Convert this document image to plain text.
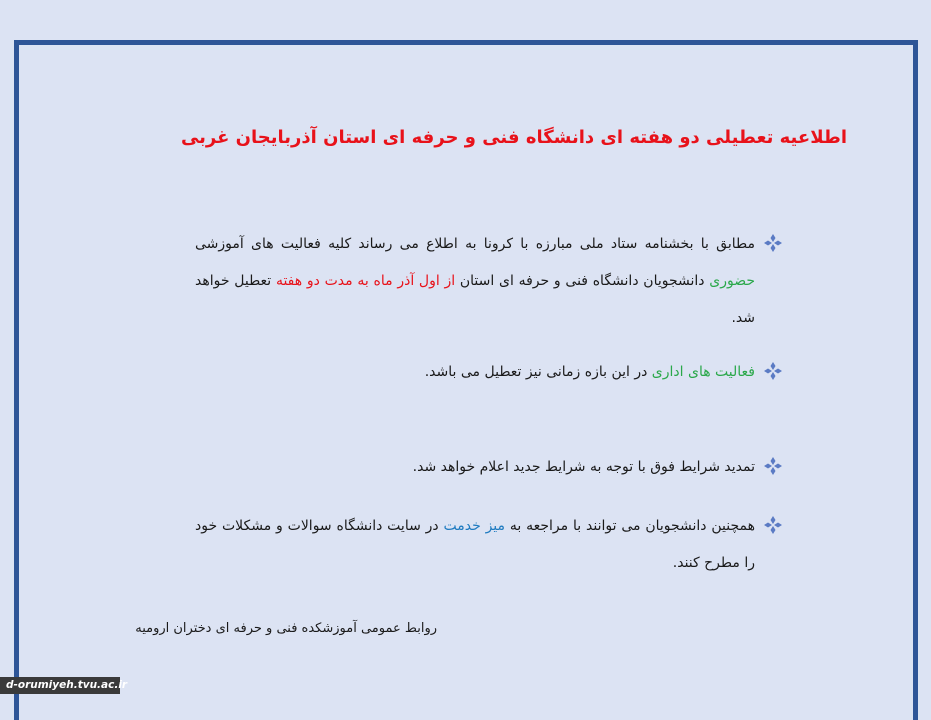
اطلاعیه تعطیلی دو هفته ای دانشگاه فنی و حرفه ای استان آذربایجان غربی
مطابق با بخشنامه ستاد ملی مبارزه با کرونا به اطلاع می رساند کلیه فعالیت های آموزشی حضوری دانشجویان دانشگاه فنی و حرفه ای استان از اول آذر ماه به مدت دو هفته تعطیل خواهد شد.
فعالیت های اداری در این بازه زمانی نیز تعطیل می باشد.
تمدید شرایط فوق با توجه به شرایط جدید اعلام خواهد شد.
همچنین دانشجویان می توانند با مراجعه به میز خدمت در سایت دانشگاه سوالات و مشکلات خود را مطرح کنند.
روابط عمومی آموزشکده فنی و حرفه ای دختران ارومیه
d-orumiyeh.tvu.ac.ir
